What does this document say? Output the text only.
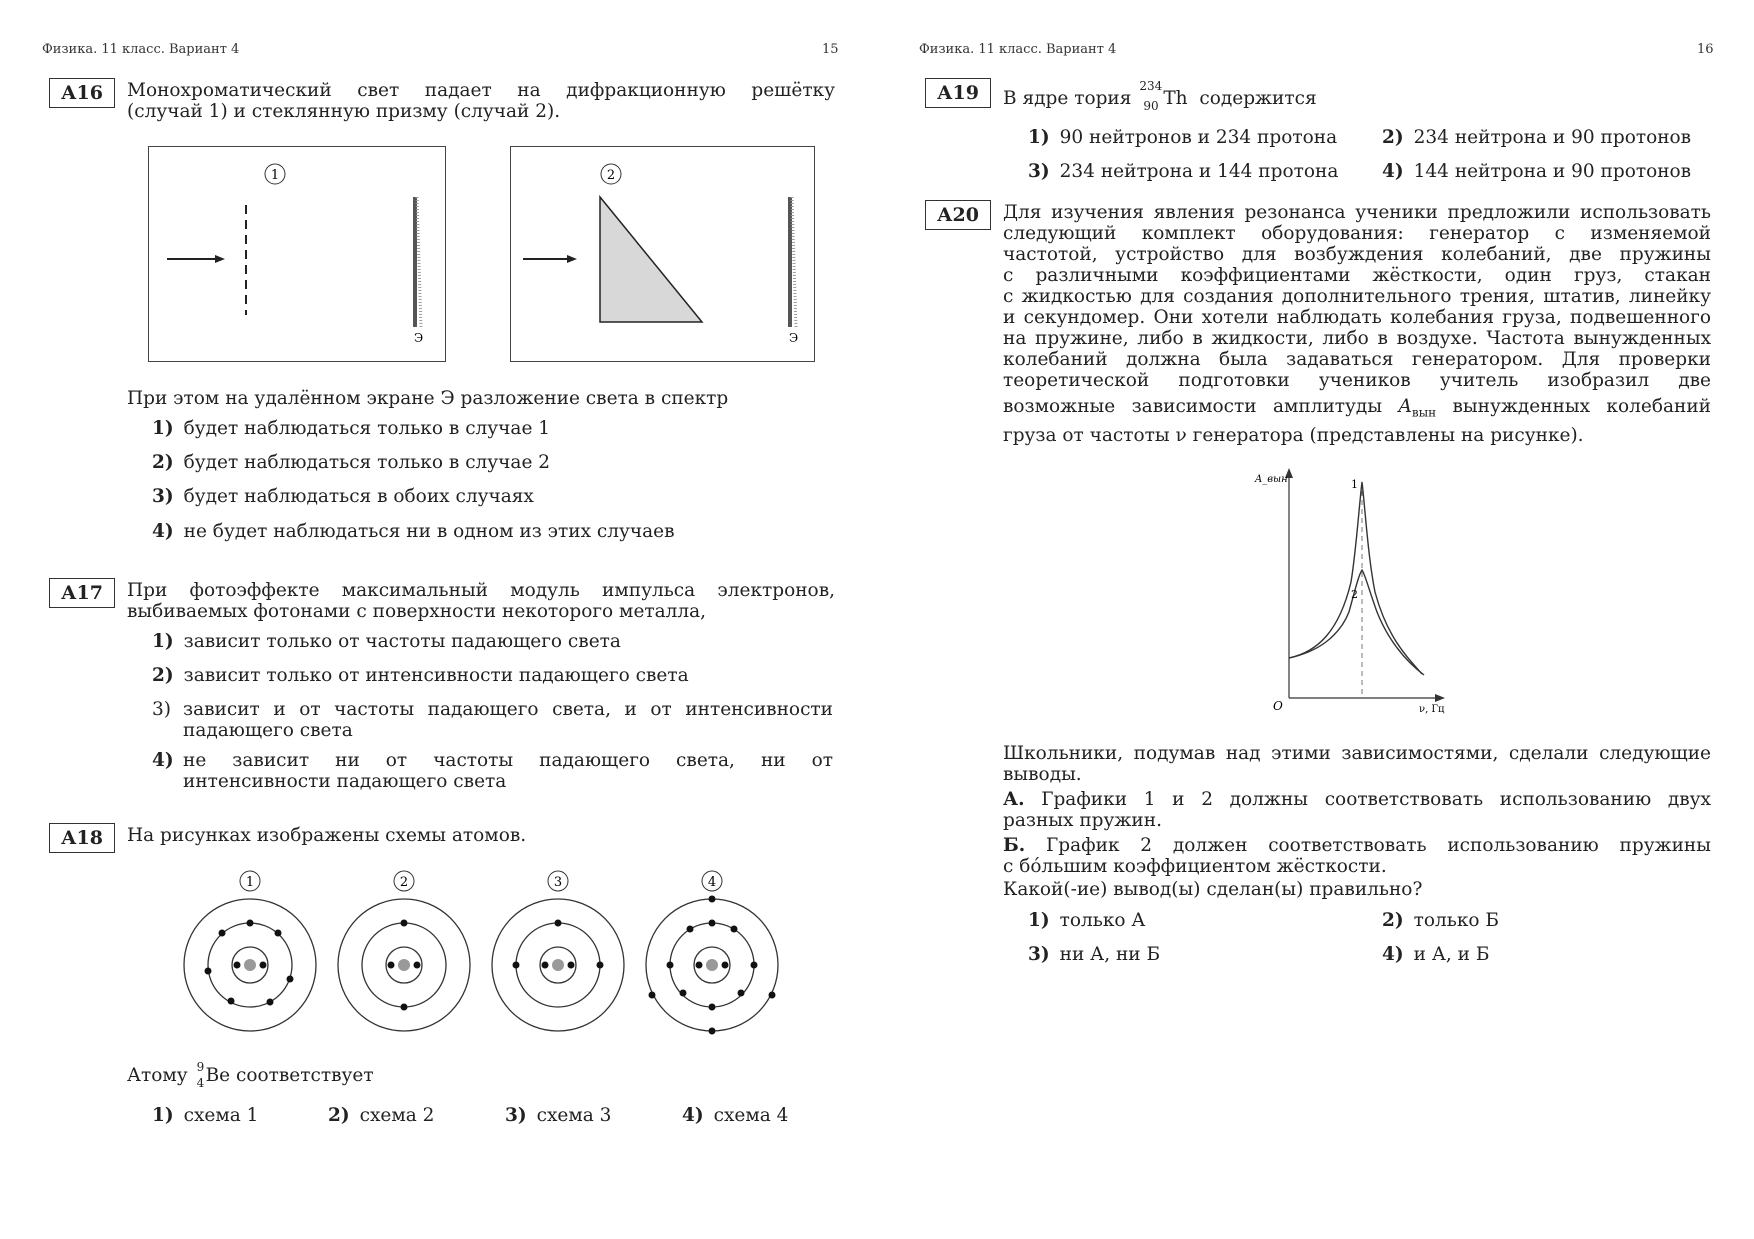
Физика. 11 класс. Вариант 4	15
А16	Монохроматический свет падает на дифракционную решётку
(случай 1) и стеклянную призму (случай 2).
1
Э
2
Э
При этом на удалённом экране Э разложение света в спектр
1) будет наблюдаться только в случае 1
2) будет наблюдаться только в случае 2
3) будет наблюдаться в обоих случаях
4) не будет наблюдаться ни в одном из этих случаев
А17	При фотоэффекте максимальный модуль импульса электронов,
выбиваемых фотонами с поверхности некоторого металла,
1) зависит только от частоты падающего света
2) зависит только от интенсивности падающего света
3) зависит и от частоты падающего света, и от интенсивности
падающего света
4) не зависит ни от частоты падающего света, ни от
интенсивности падающего света
А18	На рисунках изображены схемы атомов.
1	2	3	4
Атому 9
4 Bе соответствует
1) схема 1	2) схема 2	3) схема 3	4) схема 4
Физика. 11 класс. Вариант 4	16
А19	В ядре тория
234
90 Th содержится
1) 90 нейтронов и 234 протона 2) 234 нейтрона и 90 протонов
3) 234 нейтрона и 144 протона 4) 144 нейтрона и 90 протонов
А20	Для изучения явления резонанса ученики предложили использовать
следующий комплект оборудования: генератор с изменяемой
частотой, устройство для возбуждения колебаний, две пружины
с различными коэффициентами жёсткости, один груз, стакан
с жидкостью для создания дополнительного трения, штатив, линейку
и секундомер. Они хотели наблюдать колебания груза, подвешенного
на пружине, либо в жидкости, либо в воздухе. Частота вынужденных
колебаний должна была задаваться генератором. Для проверки
теоретической подготовки учеников учитель изобразил две
возможные зависимости амплитуды $A_{вын}$ вынужденных колебаний
груза от частоты ν генератора (представлены на рисунке).
A_вын
O	ν, Гц
1
2
Школьники, подумав над этими зависимостями, сделали следующие
выводы.
А. Графики 1 и 2 должны соответствовать использованию двух
разных пружин.
Б. График 2 должен соответствовать использованию пружины
с бóльшим коэффициентом жёсткости.
Какой(-ие) вывод(ы) сделан(ы) правильно?
1) только А	2) только Б
3) ни А, ни Б	4) и А, и Б
